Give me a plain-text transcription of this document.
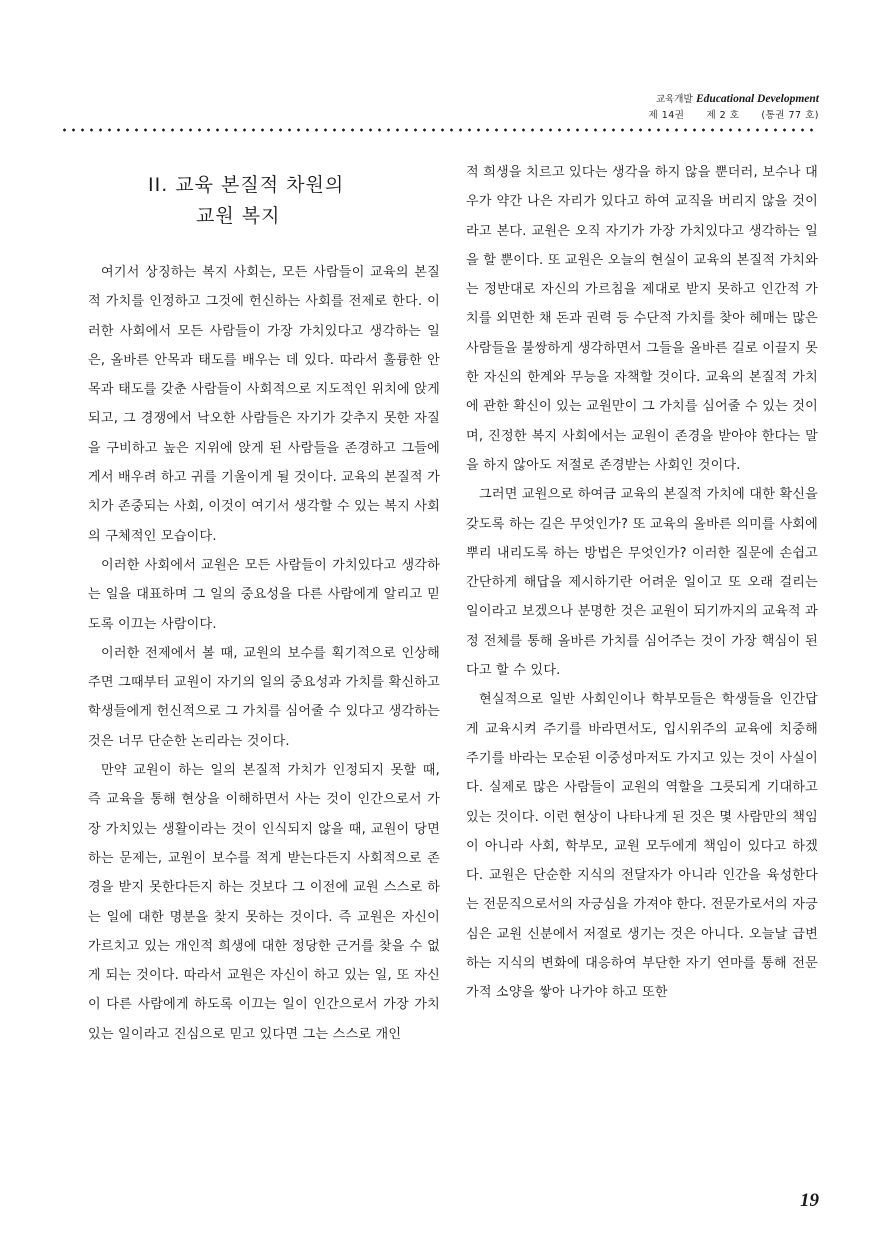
교육개발 Educational Development
제 14권 제 2 호 (통권 77 호)
II. 교육 본질적 차원의
교원 복지

여기서 상징하는 복지 사회는, 모든 사람들이 교육의 본질적 가치를 인정하고 그것에 헌신하는 사회를 전제로 한다. 이러한 사회에서 모든 사람들이 가장 가치있다고 생각하는 일은, 올바른 안목과 태도를 배우는 데 있다. 따라서 훌륭한 안목과 태도를 갖춘 사람들이 사회적으로 지도적인 위치에 앉게 되고, 그 경쟁에서 낙오한 사람들은 자기가 갖추지 못한 자질을 구비하고 높은 지위에 앉게 된 사람들을 존경하고 그들에게서 배우려 하고 귀를 기울이게 될 것이다. 교육의 본질적 가치가 존중되는 사회, 이것이 여기서 생각할 수 있는 복지 사회의 구체적인 모습이다.

이러한 사회에서 교원은 모든 사람들이 가치있다고 생각하는 일을 대표하며 그 일의 중요성을 다른 사람에게 알리고 믿도록 이끄는 사람이다.

이러한 전제에서 볼 때, 교원의 보수를 획기적으로 인상해 주면 그때부터 교원이 자기의 일의 중요성과 가치를 확신하고 학생들에게 헌신적으로 그 가치를 심어줄 수 있다고 생각하는 것은 너무 단순한 논리라는 것이다.

만약 교원이 하는 일의 본질적 가치가 인정되지 못할 때, 즉 교육을 통해 현상을 이해하면서 사는 것이 인간으로서 가장 가치있는 생활이라는 것이 인식되지 않을 때, 교원이 당면하는 문제는, 교원이 보수를 적게 받는다든지 사회적으로 존경을 받지 못한다든지 하는 것보다 그 이전에 교원 스스로 하는 일에 대한 명분을 찾지 못하는 것이다. 즉 교원은 자신이 가르치고 있는 개인적 희생에 대한 정당한 근거를 찾을 수 없게 되는 것이다. 따라서 교원은 자신이 하고 있는 일, 또 자신이 다른 사람에게 하도록 이끄는 일이 인간으로서 가장 가치있는 일이라고 진심으로 믿고 있다면 그는 스스로 개인

적 희생을 치르고 있다는 생각을 하지 않을 뿐더러, 보수나 대우가 약간 나은 자리가 있다고 하여 교직을 버리지 않을 것이라고 본다. 교원은 오직 자기가 가장 가치있다고 생각하는 일을 할 뿐이다. 또 교원은 오늘의 현실이 교육의 본질적 가치와는 정반대로 자신의 가르침을 제대로 받지 못하고 인간적 가치를 외면한 채 돈과 권력 등 수단적 가치를 찾아 헤매는 많은 사람들을 불쌍하게 생각하면서 그들을 올바른 길로 이끌지 못한 자신의 한계와 무능을 자책할 것이다. 교육의 본질적 가치에 관한 확신이 있는 교원만이 그 가치를 심어줄 수 있는 것이며, 진정한 복지 사회에서는 교원이 존경을 받아야 한다는 말을 하지 않아도 저절로 존경받는 사회인 것이다.

그러면 교원으로 하여금 교육의 본질적 가치에 대한 확신을 갖도록 하는 길은 무엇인가? 또 교육의 올바른 의미를 사회에 뿌리 내리도록 하는 방법은 무엇인가? 이러한 질문에 손쉽고 간단하게 해답을 제시하기란 어려운 일이고 또 오래 걸리는 일이라고 보겠으나 분명한 것은 교원이 되기까지의 교육적 과정 전체를 통해 올바른 가치를 심어주는 것이 가장 핵심이 된다고 할 수 있다.

현실적으로 일반 사회인이나 학부모들은 학생들을 인간답게 교육시켜 주기를 바라면서도, 입시위주의 교육에 치중해 주기를 바라는 모순된 이중성마저도 가지고 있는 것이 사실이다. 실제로 많은 사람들이 교원의 역할을 그릇되게 기대하고 있는 것이다. 이런 현상이 나타나게 된 것은 몇 사람만의 책임이 아니라 사회, 학부모, 교원 모두에게 책임이 있다고 하겠다. 교원은 단순한 지식의 전달자가 아니라 인간을 육성한다는 전문직으로서의 자긍심을 가져야 한다. 전문가로서의 자긍심은 교원 신분에서 저절로 생기는 것은 아니다. 오늘날 급변하는 지식의 변화에 대응하여 부단한 자기 연마를 통해 전문가적 소양을 쌓아 나가야 하고 또한

19
